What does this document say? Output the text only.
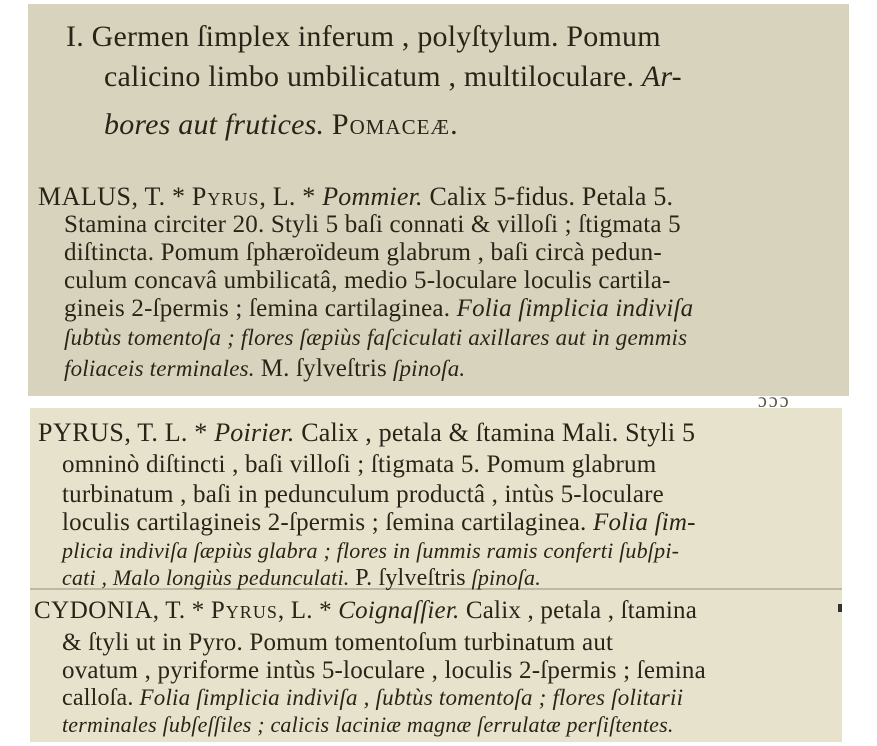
I. Germen ſimplex inferum , polyſtylum. Pomum
calicino limbo umbilicatum , multiloculare. Ar-
bores aut frutices. Pomaceæ.
MALUS, T. * Pyrus, L. * Pommier. Calix 5-fidus. Petala 5.
Stamina circiter 20. Styli 5 baſi connati & villoſi ; ſtigmata 5
diſtincta. Pomum ſphæroïdeum glabrum , baſi circà pedun-
culum concavâ umbilicatâ, medio 5-loculare loculis cartila-
gineis 2-ſpermis ; ſemina cartilaginea. Folia ſimplicia indiviſa
ſubtùs tomentoſa ; flores ſæpiùs faſciculati axillares aut in gemmis
foliaceis terminales. M. ſylveſtris ſpinoſa.
ɔɔɔ
PYRUS, T. L. * Poirier. Calix , petala & ſtamina Mali. Styli 5
omninò diſtincti , baſi villoſi ; ſtigmata 5. Pomum glabrum
turbinatum , baſi in pedunculum productâ , intùs 5-loculare
loculis cartilagineis 2-ſpermis ; ſemina cartilaginea. Folia ſim-
plicia indiviſa ſæpiùs glabra ; flores in ſummis ramis conferti ſubſpi-
cati , Malo longiùs pedunculati. P. ſylveſtris ſpinoſa.
CYDONIA, T. * Pyrus, L. * Coignaſſier. Calix , petala , ſtamina
& ſtyli ut in Pyro. Pomum tomentoſum turbinatum aut
ovatum , pyriforme intùs 5-loculare , loculis 2-ſpermis ; ſemina
calloſa. Folia ſimplicia indiviſa , ſubtùs tomentoſa ; flores ſolitarii
terminales ſubſeſſiles ; calicis laciniæ magnæ ſerrulatæ perſiſtentes.
